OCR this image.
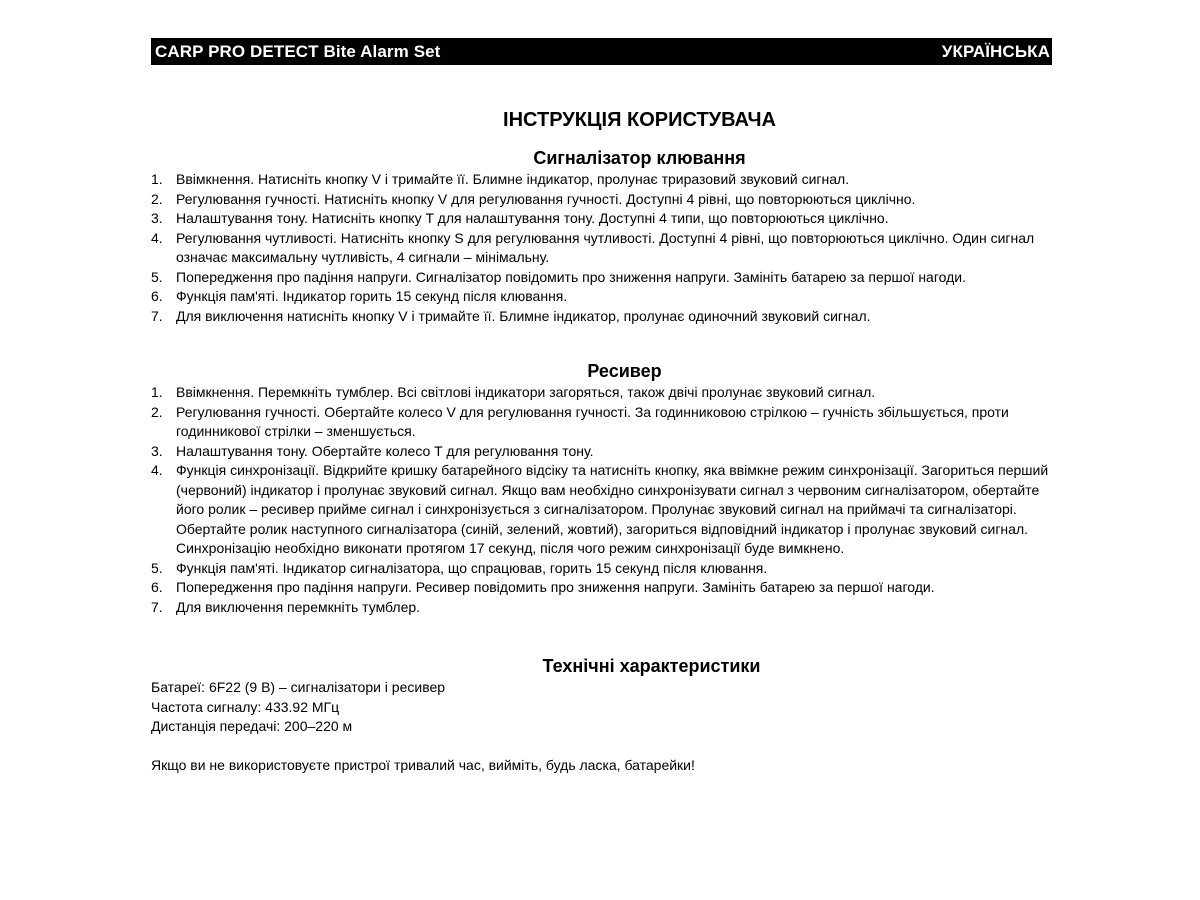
CARP PRO DETECT Bite Alarm Set	УКРАЇНСЬКА
ІНСТРУКЦІЯ КОРИСТУВАЧА
Сигналізатор клювання
1. Ввімкнення. Натисніть кнопку V і тримайте її. Блимне індикатор, пролунає триразовий звуковий сигнал.
2. Регулювання гучності. Натисніть кнопку V для регулювання гучності. Доступні 4 рівні, що повторюються циклічно.
3. Налаштування тону. Натисніть кнопку T для налаштування тону. Доступні 4 типи, що повторюються циклічно.
4. Регулювання чутливості. Натисніть кнопку S для регулювання чутливості. Доступні 4 рівні, що повторюються циклічно. Один сигнал означає максимальну чутливість, 4 сигнали – мінімальну.
5. Попередження про падіння напруги. Сигналізатор повідомить про зниження напруги. Замініть батарею за першої нагоди.
6. Функція пам'яті. Індикатор горить 15 секунд після клювання.
7. Для виключення натисніть кнопку V і тримайте її. Блимне індикатор, пролунає одиночний звуковий сигнал.
Ресивер
1. Ввімкнення. Перемкніть тумблер. Всі світлові індикатори загоряться, також двічі пролунає звуковий сигнал.
2. Регулювання гучності. Обертайте колесо V для регулювання гучності. За годинниковою стрілкою – гучність збільшується, проти годинникової стрілки – зменшується.
3. Налаштування тону. Обертайте колесо T для регулювання тону.
4. Функція синхронізації. Відкрийте кришку батарейного відсіку та натисніть кнопку, яка ввімкне режим синхронізації. Загориться перший (червоний) індикатор і пролунає звуковий сигнал. Якщо вам необхідно синхронізувати сигнал з червоним сигналізатором, обертайте його ролик – ресивер прийме сигнал і синхронізується з сигналізатором. Пролунає звуковий сигнал на приймачі та сигналізаторі. Обертайте ролик наступного сигналізатора (синій, зелений, жовтий), загориться відповідний індикатор і пролунає звуковий сигнал. Синхронізацію необхідно виконати протягом 17 секунд, після чого режим синхронізації буде вимкнено.
5. Функція пам'яті. Індикатор сигналізатора, що спрацював, горить 15 секунд після клювання.
6. Попередження про падіння напруги. Ресивер повідомить про зниження напруги. Замініть батарею за першої нагоди.
7. Для виключення перемкніть тумблер.
Технічні характеристики
Батареї: 6F22 (9 В) – сигналізатори і ресивер
Частота сигналу: 433.92 МГц
Дистанція передачі: 200–220 м
Якщо ви не використовуєте пристрої тривалий час, вийміть, будь ласка, батарейки!
